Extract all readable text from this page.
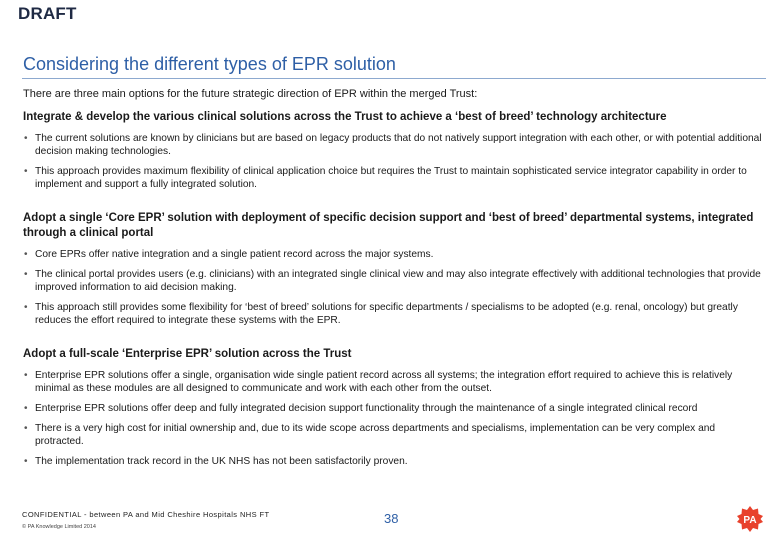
DRAFT
Considering the different types of EPR solution

There are three main options for the future strategic direction of EPR within the merged Trust:

Integrate & develop the various clinical solutions across the Trust to achieve a ‘best of breed’ technology architecture

• The current solutions are known by clinicians but are based on legacy products that do not natively support integration with each other, or with potential additional decision making technologies.
• This approach provides maximum flexibility of clinical application choice but requires the Trust to maintain sophisticated service integrator capability in order to implement and support a fully integrated solution.

Adopt a single ‘Core EPR’ solution with deployment of specific decision support and ‘best of breed’ departmental systems, integrated through a clinical portal

• Core EPRs offer native integration and a single patient record across the major systems.
• The clinical portal provides users (e.g. clinicians) with an integrated single clinical view and may also integrate effectively with additional technologies that provide improved information to aid decision making.
• This approach still provides some flexibility for ‘best of breed’ solutions for specific departments / specialisms to be adopted (e.g. renal, oncology) but greatly reduces the effort required to integrate these systems with the EPR.

Adopt a full-scale ‘Enterprise EPR’ solution across the Trust

• Enterprise EPR solutions offer a single, organisation wide single patient record across all systems; the integration effort required to achieve this is relatively minimal as these modules are all designed to communicate and work with each other from the outset.
• Enterprise EPR solutions offer deep and fully integrated decision support functionality through the maintenance of a single integrated clinical record
• There is a very high cost for initial ownership and, due to its wide scope across departments and specialisms, implementation can be very complex and protracted.
• The implementation track record in the UK NHS has not been satisfactorily proven.
CONFIDENTIAL - between PA and Mid Cheshire Hospitals NHS FT
© PA Knowledge Limited 2014
38	PA
